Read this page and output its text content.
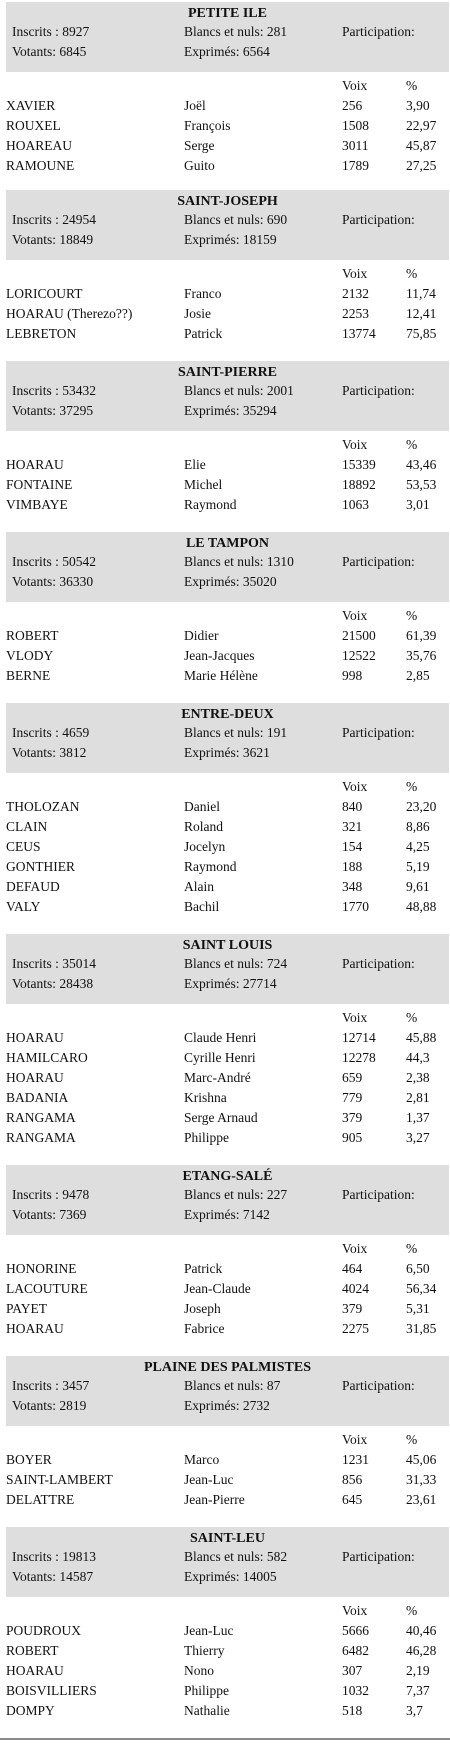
PETITE ILE
Inscrits : 8927
Votants: 6845
Blancs et nuls: 281
Exprimés: 6564
Participation:
Voix	%
XAVIER	Joël	256	3,90
ROUXEL	François	1508	22,97
HOAREAU	Serge	3011	45,87
RAMOUNE	Guito	1789	27,25
SAINT-JOSEPH
Inscrits : 24954
Votants: 18849
Blancs et nuls: 690
Exprimés: 18159
Participation:
Voix	%
LORICOURT	Franco	2132	11,74
HOARAU (Therezo??)	Josie	2253	12,41
LEBRETON	Patrick	13774 75,85
SAINT-PIERRE
Inscrits : 53432
Votants: 37295
Blancs et nuls: 2001
Exprimés: 35294
Participation:
Voix	%
HOARAU	Elie	15339 43,46
FONTAINE	Michel	18892 53,53
VIMBAYE	Raymond	1063	3,01
LE TAMPON
Inscrits : 50542
Votants: 36330
Blancs et nuls: 1310
Exprimés: 35020
Participation:
Voix	%
ROBERT	Didier	21500 61,39
VLODY	Jean-Jacques	12522 35,76
BERNE	Marie Hélène	998	2,85
ENTRE-DEUX
Inscrits : 4659
Votants: 3812
Blancs et nuls: 191
Exprimés: 3621
Participation:
Voix	%
THOLOZAN	Daniel	840	23,20
CLAIN	Roland	321	8,86
CEUS	Jocelyn	154	4,25
GONTHIER	Raymond	188	5,19
DEFAUD	Alain	348	9,61
VALY	Bachil	1770	48,88
SAINT LOUIS
Inscrits : 35014
Votants: 28438
Blancs et nuls: 724
Exprimés: 27714
Participation:
Voix	%
HOARAU	Claude Henri	12714 45,88
HAMILCARO	Cyrille Henri	12278 44,3
HOARAU	Marc-André	659	2,38
BADANIA	Krishna	779	2,81
RANGAMA	Serge Arnaud	379	1,37
RANGAMA	Philippe	905	3,27
ETANG-SALÉ
Inscrits : 9478
Votants: 7369
Blancs et nuls: 227
Exprimés: 7142
Participation:
Voix	%
HONORINE	Patrick	464	6,50
LACOUTURE	Jean-Claude	4024	56,34
PAYET	Joseph	379	5,31
HOARAU	Fabrice	2275	31,85
PLAINE DES PALMISTES
Inscrits : 3457
Votants: 2819
Blancs et nuls: 87
Exprimés: 2732
Participation:
Voix	%
BOYER	Marco	1231	45,06
SAINT-LAMBERT	Jean-Luc	856	31,33
DELATTRE	Jean-Pierre	645	23,61
SAINT-LEU
Inscrits : 19813
Votants: 14587
Blancs et nuls: 582
Exprimés: 14005
Participation:
Voix	%
POUDROUX	Jean-Luc	5666	40,46
ROBERT	Thierry	6482	46,28
HOARAU	Nono	307	2,19
BOISVILLIERS	Philippe	1032	7,37
DOMPY	Nathalie	518	3,7
